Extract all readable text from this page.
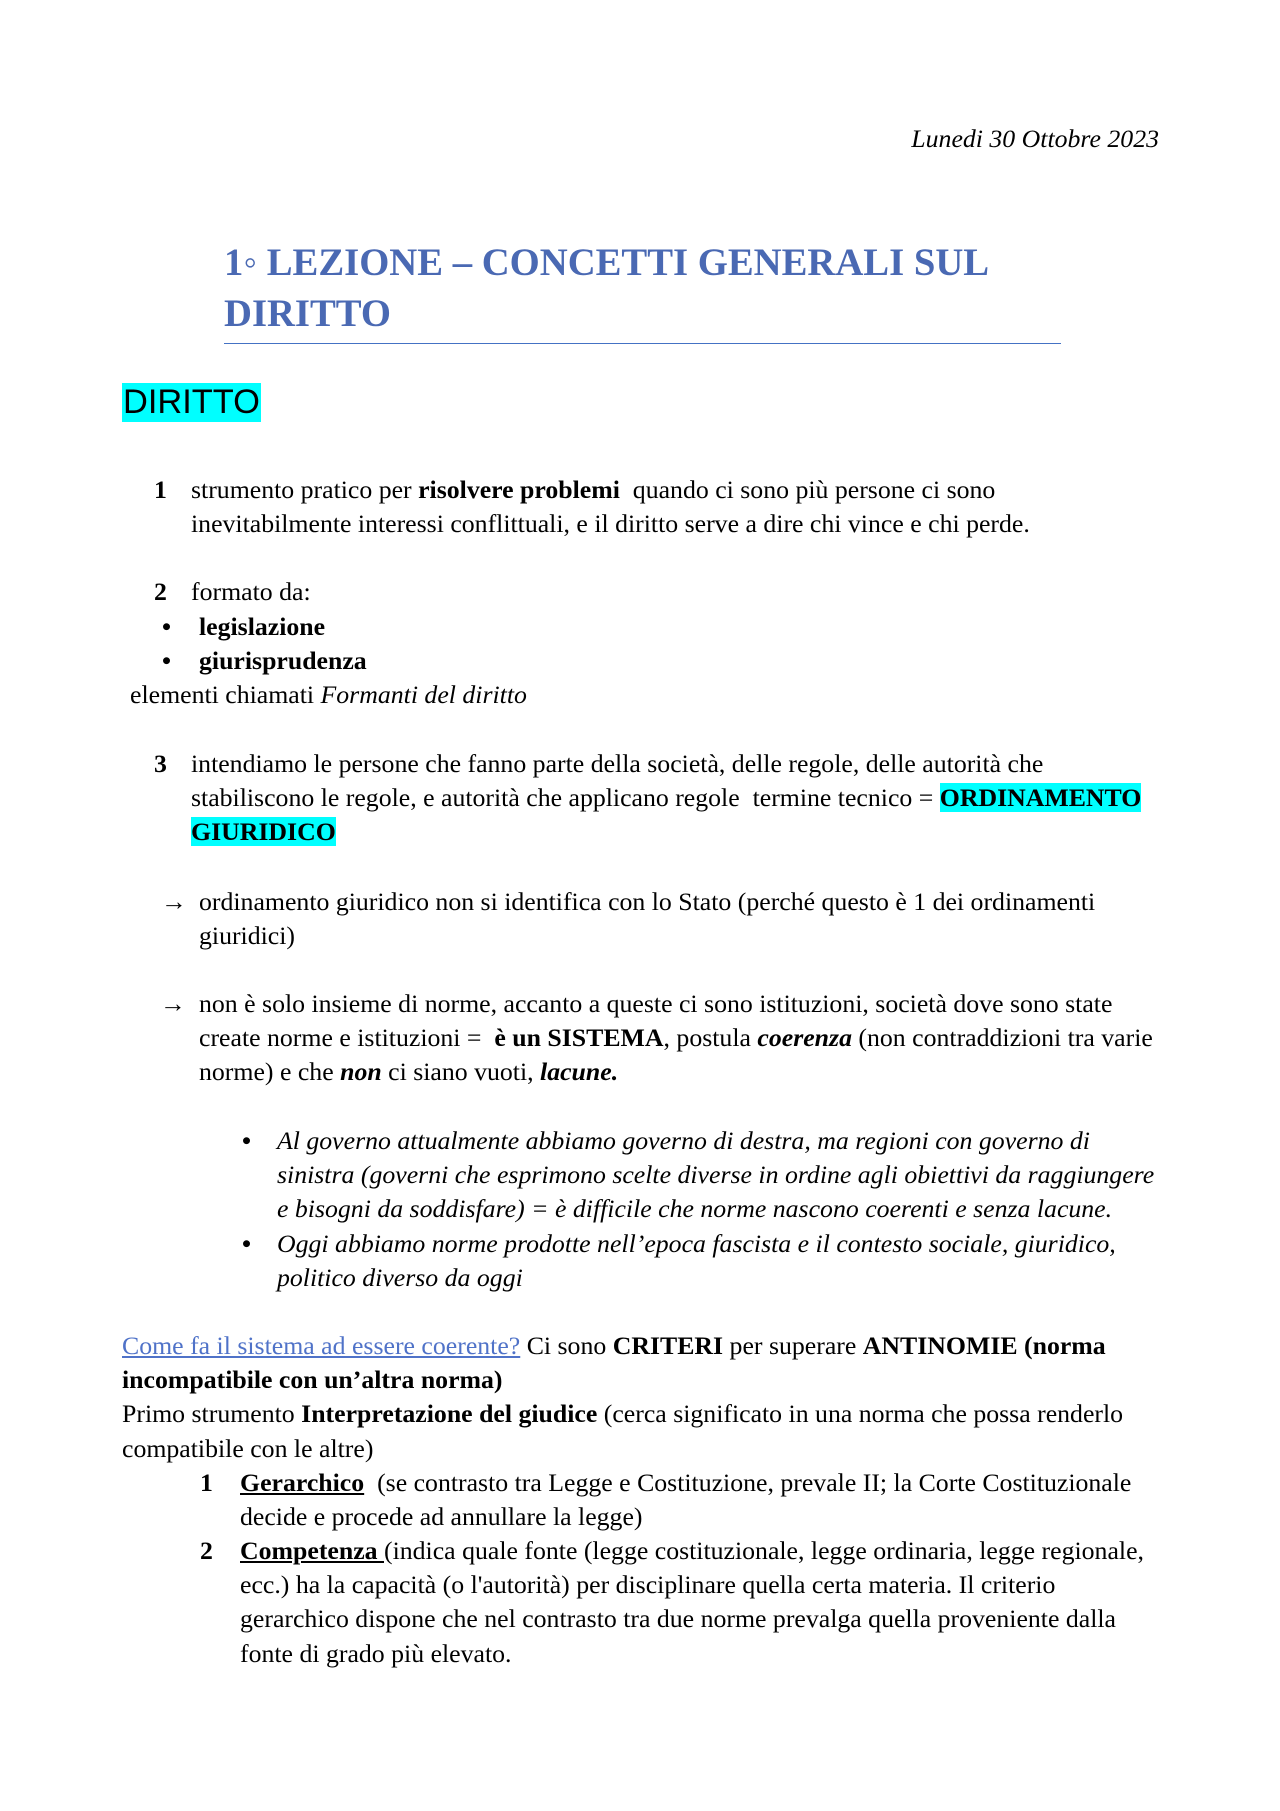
Lunedi 30 Ottobre 2023
1◦ LEZIONE – CONCETTI GENERALI SUL DIRITTO
DIRITTO
1 strumento pratico per risolvere problemi  quando ci sono più persone ci sono
inevitabilmente interessi conflittuali, e il diritto serve a dire chi vince e chi perde.
2 formato da:
• legislazione
• giurisprudenza
elementi chiamati Formanti del diritto
3 intendiamo le persone che fanno parte della società, delle regole, delle autorità che
stabiliscono le regole, e autorità che applicano regole  termine tecnico = ORDINAMENTO
GIURIDICO
→ ordinamento giuridico non si identifica con lo Stato (perché questo è 1 dei ordinamenti
giuridici)
→ non è solo insieme di norme, accanto a queste ci sono istituzioni, società dove sono state
create norme e istituzioni =  è un SISTEMA, postula coerenza (non contraddizioni tra varie
norme) e che non ci siano vuoti, lacune.
• Al governo attualmente abbiamo governo di destra, ma regioni con governo di
sinistra (governi che esprimono scelte diverse in ordine agli obiettivi da raggiungere
e bisogni da soddisfare) = è difficile che norme nascono coerenti e senza lacune.
• Oggi abbiamo norme prodotte nell’epoca fascista e il contesto sociale, giuridico,
politico diverso da oggi
Come fa il sistema ad essere coerente? Ci sono CRITERI per superare ANTINOMIE (norma
incompatibile con un’altra norma)
Primo strumento Interpretazione del giudice (cerca significato in una norma che possa renderlo
compatibile con le altre)
1 Gerarchico  (se contrasto tra Legge e Costituzione, prevale II; la Corte Costituzionale
decide e procede ad annullare la legge)
2 Competenza (indica quale fonte (legge costituzionale, legge ordinaria, legge regionale,
ecc.) ha la capacità (o l'autorità) per disciplinare quella certa materia. Il criterio
gerarchico dispone che nel contrasto tra due norme prevalga quella proveniente dalla
fonte di grado più elevato.
